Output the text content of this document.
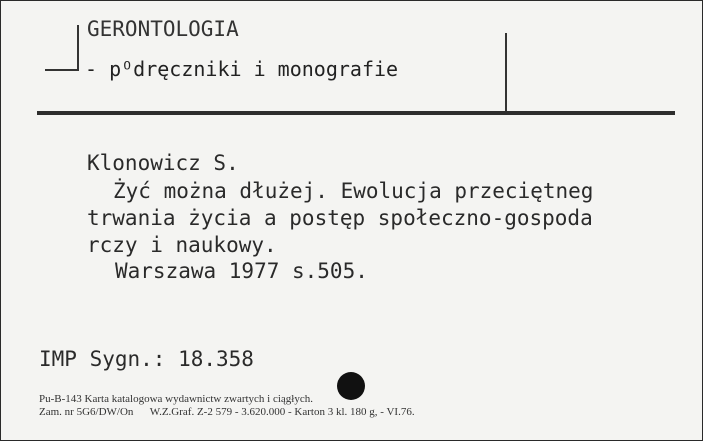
GERONTOLOGIA
- pᴼdręczniki i monografie
Klonowicz S.
Żyć można dłużej. Ewolucja przeciętneg
trwania życia a postęp społeczno-gospoda
rczy i naukowy.
Warszawa 1977 s.505.
IMP Sygn.: 18.358
Pu-B-143 Karta katalogowa wydawnictw zwartych i ciągłych.
Zam. nr 5G6/DW/On      W.Z.Graf. Z-2 579 - 3.620.000 - Karton 3 kl. 180 g, - VI.76.
